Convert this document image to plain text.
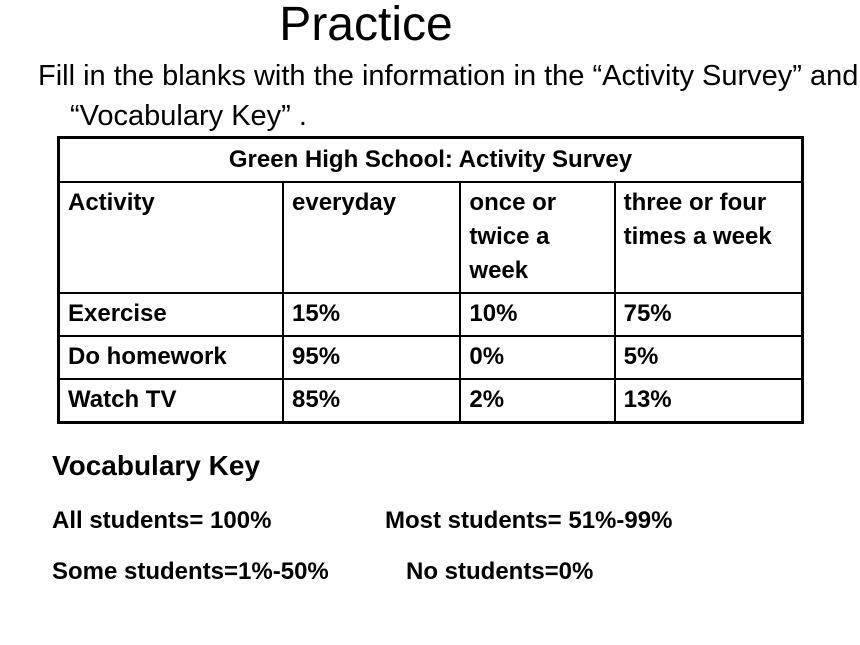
Practice
Fill in the blanks with the information in the “Activity Survey” and “Vocabulary Key” .
Green High School: Activity Survey			
Activity	everyday	once or twice a week	three or four times a week
Exercise	15%	10%	75%
Do homework	95%	0%	5%
Watch TV	85%	2%	13%
Vocabulary Key
All students= 100%	Most students= 51%-99%
Some students=1%-50%	No students=0%
